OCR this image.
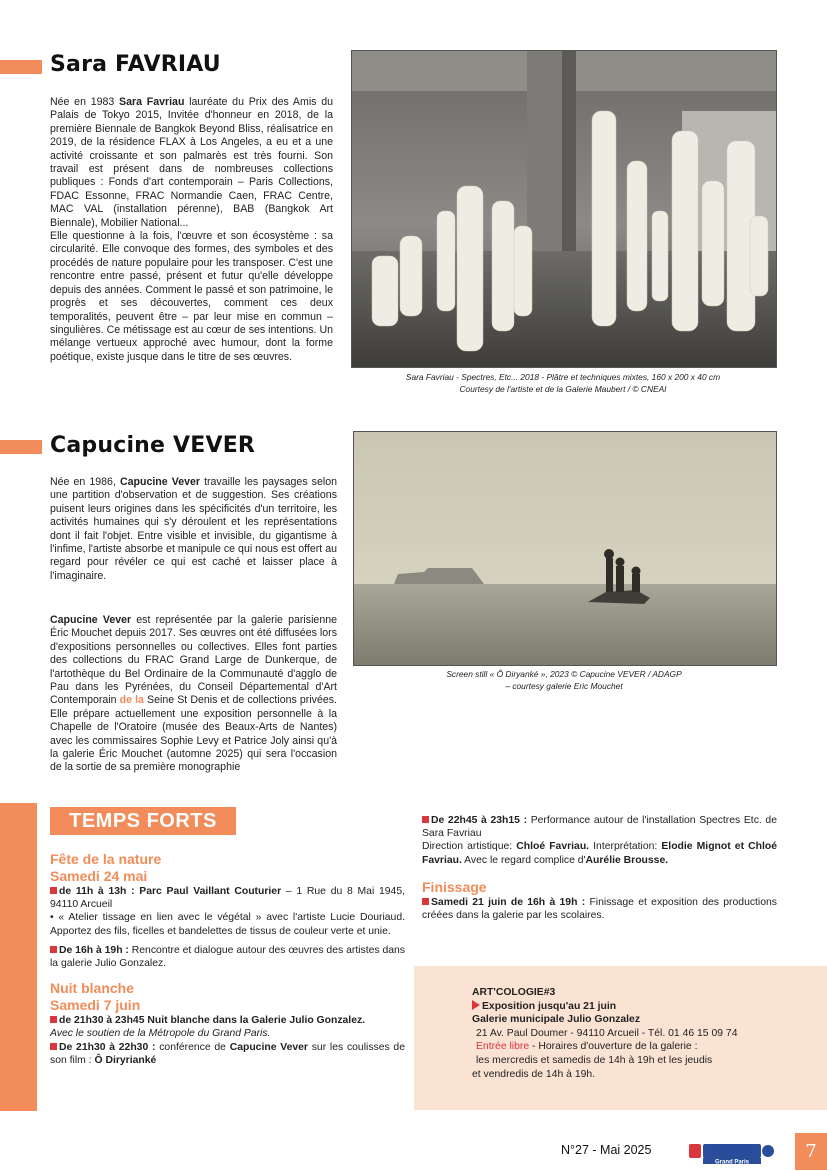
Sara FAVRIAU

Née en 1983 Sara Favriau lauréate du Prix des Amis du Palais de Tokyo 2015, Invitée d'honneur en 2018, de la première Biennale de Bangkok Beyond Bliss, réalisatrice en 2019, de la résidence FLAX à Los Angeles, a eu et a une activité croissante et son palmarès est très fourni. Son travail est présent dans de nombreuses collections publiques : Fonds d'art contemporain – Paris Collections, FDAC Essonne, FRAC Normandie Caen, FRAC Centre, MAC VAL (installation pérenne), BAB (Bangkok Art Biennale), Mobilier National...

Elle questionne à la fois, l'œuvre et son écosystème : sa circularité. Elle convoque des formes, des symboles et des procédés de nature populaire pour les transposer. C'est une rencontre entre passé, présent et futur qu'elle développe depuis des années. Comment le passé et son patrimoine, le progrès et ses découvertes, comment ces deux temporalités, peuvent être – par leur mise en commun – singulières. Ce métissage est au cœur de ses intentions. Un mélange vertueux approché avec humour, dont la forme poétique, existe jusque dans le titre de ses œuvres.

Sara Favriau - Spectres, Etc... 2018 - Plâtre et techniques mixtes, 160 x 200 x 40 cm
Courtesy de l'artiste et de la Galerie Maubert / © CNEAI
Capucine VEVER

Née en 1986, Capucine Vever travaille les paysages selon une partition d'observation et de suggestion. Ses créations puisent leurs origines dans les spécificités d'un territoire, les activités humaines qui s'y déroulent et les représentations dont il fait l'objet. Entre visible et invisible, du gigantisme à l'infime, l'artiste absorbe et manipule ce qui nous est offert au regard pour révéler ce qui est caché et laisser place à l'imaginaire.

Screen still « Ô Diryanké », 2023 © Capucine VEVER / ADAGP
– courtesy galerie Eric Mouchet

Capucine Vever est représentée par la galerie parisienne Éric Mouchet depuis 2017. Ses œuvres ont été diffusées lors d'expositions personnelles ou collectives. Elles font parties des collections du FRAC Grand Large de Dunkerque, de l'artothèque du Bel Ordinaire de la Communauté d'agglo de Pau dans les Pyrénées, du Conseil Départemental d'Art Contemporain de la Seine St Denis et de collections privées. Elle prépare actuellement une exposition personnelle à la Chapelle de l'Oratoire (musée des Beaux-Arts de Nantes) avec les commissaires Sophie Levy et Patrice Joly ainsi qu'à la galerie Éric Mouchet (automne 2025) qui sera l'occasion de la sortie de sa première monographie

TEMPS FORTS
Fête de la nature
Samedi 24 mai

de 11h à 13h : Parc Paul Vaillant Couturier – 1 Rue du 8 Mai 1945, 94110 Arcueil

• « Atelier tissage en lien avec le végétal » avec l'artiste Lucie Douriaud. Apportez des fils, ficelles et bandelettes de tissus de couleur verte et unie.

De 16h à 19h : Rencontre et dialogue autour des œuvres des artistes dans la galerie Julio Gonzalez.

Nuit blanche
Samedi 7 juin

de 21h30 à 23h45 Nuit blanche dans la Galerie Julio Gonzalez.

Avec le soutien de la Métropole du Grand Paris.

De 21h30 à 22h30 : conférence de Capucine Vever sur les coulisses de son film : Ô Diryrianké

De 22h45 à 23h15 : Performance autour de l'installation Spectres Etc. de Sara Favriau

Direction artistique: Chloé Favriau. Interprétation: Elodie Mignot et Chloé Favriau. Avec le regard complice d'Aurélie Brousse.

Finissage

Samedi 21 juin de 16h à 19h : Finissage et exposition des productions créées dans la galerie par les scolaires.

ART'COLOGIE#3
Exposition jusqu'au 21 juin
Galerie municipale Julio Gonzalez
21 Av. Paul Doumer - 94110 Arcueil - Tél. 01 46 15 09 74
Entrée libre - Horaires d'ouverture de la galerie :
les mercredis et samedis de 14h à 19h et les jeudis
et vendredis de 14h à 19h.
N°27 - Mai 2025
Grand Paris
7
